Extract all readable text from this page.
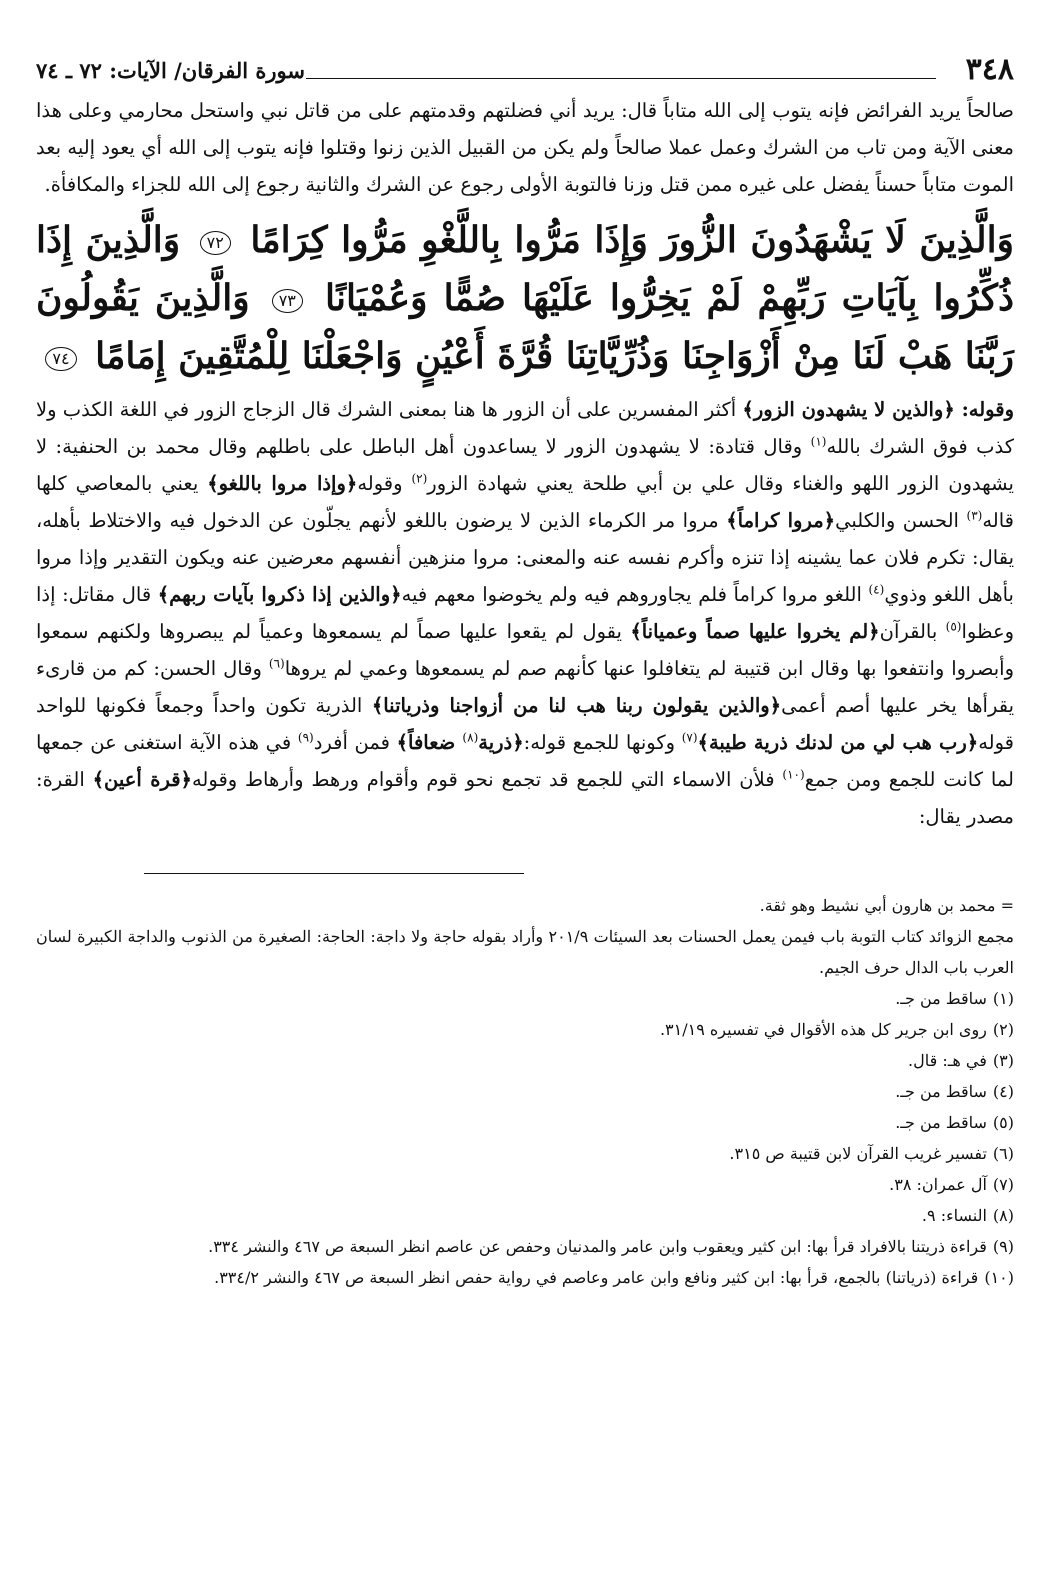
٣٤٨
سورة الفرقان/ الآيات: ٧٢ ـ ٧٤

صالحاً يريد الفرائض فإنه يتوب إلى الله متاباً قال: يريد أني فضلتهم وقدمتهم على من قاتل نبي واستحل محارمي وعلى هذا معنى الآية ومن تاب من الشرك وعمل عملا صالحاً ولم يكن من القبيل الذين زنوا وقتلوا فإنه يتوب إلى الله أي يعود إليه بعد الموت متاباً حسناً يفضل على غيره ممن قتل وزنا فالتوبة الأولى رجوع عن الشرك والثانية رجوع إلى الله للجزاء والمكافأة.

وَالَّذِينَ لَا يَشْهَدُونَ الزُّورَ وَإِذَا مَرُّوا بِاللَّغْوِ مَرُّوا كِرَامًا ٧٢ وَالَّذِينَ إِذَا ذُكِّرُوا بِآيَاتِ رَبِّهِمْ لَمْ يَخِرُّوا عَلَيْهَا صُمًّا وَعُمْيَانًا ٧٣ وَالَّذِينَ يَقُولُونَ رَبَّنَا هَبْ لَنَا مِنْ أَزْوَاجِنَا وَذُرِّيَّاتِنَا قُرَّةَ أَعْيُنٍ وَاجْعَلْنَا لِلْمُتَّقِينَ إِمَامًا ٧٤

وقوله: ﴿والذين لا يشهدون الزور﴾ أكثر المفسرين على أن الزور ها هنا بمعنى الشرك قال الزجاج الزور في اللغة الكذب ولا كذب فوق الشرك بالله$^{(١)}$ وقال قتادة: لا يشهدون الزور لا يساعدون أهل الباطل على باطلهم وقال محمد بن الحنفية: لا يشهدون الزور اللهو والغناء وقال علي بن أبي طلحة يعني شهادة الزور$^{(٢)}$ وقوله﴿وإذا مروا باللغو﴾ يعني بالمعاصي كلها قاله$^{(٣)}$ الحسن والكلبي﴿مروا كراماً﴾ مروا مر الكرماء الذين لا يرضون باللغو لأنهم يجلّون عن الدخول فيه والاختلاط بأهله، يقال: تكرم فلان عما يشينه إذا تنزه وأكرم نفسه عنه والمعنى: مروا منزهين أنفسهم معرضين عنه ويكون التقدير وإذا مروا بأهل اللغو وذوي$^{(٤)}$ اللغو مروا كراماً فلم يجاوروهم فيه ولم يخوضوا معهم فيه﴿والذين إذا ذكروا بآيات ربهم﴾ قال مقاتل: إذا وعظوا$^{(٥)}$ بالقرآن﴿لم يخروا عليها صماً وعمياناً﴾ يقول لم يقعوا عليها صماً لم يسمعوها وعمياً لم يبصروها ولكنهم سمعوا وأبصروا وانتفعوا بها وقال ابن قتيبة لم يتغافلوا عنها كأنهم صم لم يسمعوها وعمي لم يروها$^{(٦)}$ وقال الحسن: كم من قارىء يقرأها يخر عليها أصم أعمى﴿والذين يقولون ربنا هب لنا من أزواجنا وذرياتنا﴾ الذرية تكون واحداً وجمعاً فكونها للواحد قوله﴿رب هب لي من لدنك ذرية طيبة﴾$^{(٧)}$ وكونها للجمع قوله:﴿ذرية$^{(٨)}$ ضعافاً﴾ فمن أفرد$^{(٩)}$ في هذه الآية استغنى عن جمعها لما كانت للجمع ومن جمع$^{(١٠)}$ فلأن الاسماء التي للجمع قد تجمع نحو قوم وأقوام ورهط وأرهاط وقوله﴿قرة أعين﴾ القرة: مصدر يقال:

= محمد بن هارون أبي نشيط وهو ثقة.

مجمع الزوائد كتاب التوبة باب فيمن يعمل الحسنات بعد السيئات ٢٠١/٩ وأراد بقوله حاجة ولا داجة: الحاجة: الصغيرة من الذنوب والداجة الكبيرة لسان العرب باب الدال حرف الجيم.

(١)ساقط من جـ.
(٢)روى ابن جرير كل هذه الأقوال في تفسيره ٣١/١٩.
(٣)في هـ: قال.
(٤)ساقط من جـ.
(٥)ساقط من جـ.
(٦)تفسير غريب القرآن لابن قتيبة ص ٣١٥.
(٧)آل عمران: ٣٨.
(٨)النساء: ٩.
(٩)قراءة ذريتنا بالافراد قرأ بها: ابن كثير ويعقوب وابن عامر والمدنيان وحفص عن عاصم انظر السبعة ص ٤٦٧ والنشر ٣٣٤.
(١٠)قراءة (ذرياتنا) بالجمع، قرأ بها: ابن كثير ونافع وابن عامر وعاصم في رواية حفص انظر السبعة ص ٤٦٧ والنشر ٣٣٤/٢.
